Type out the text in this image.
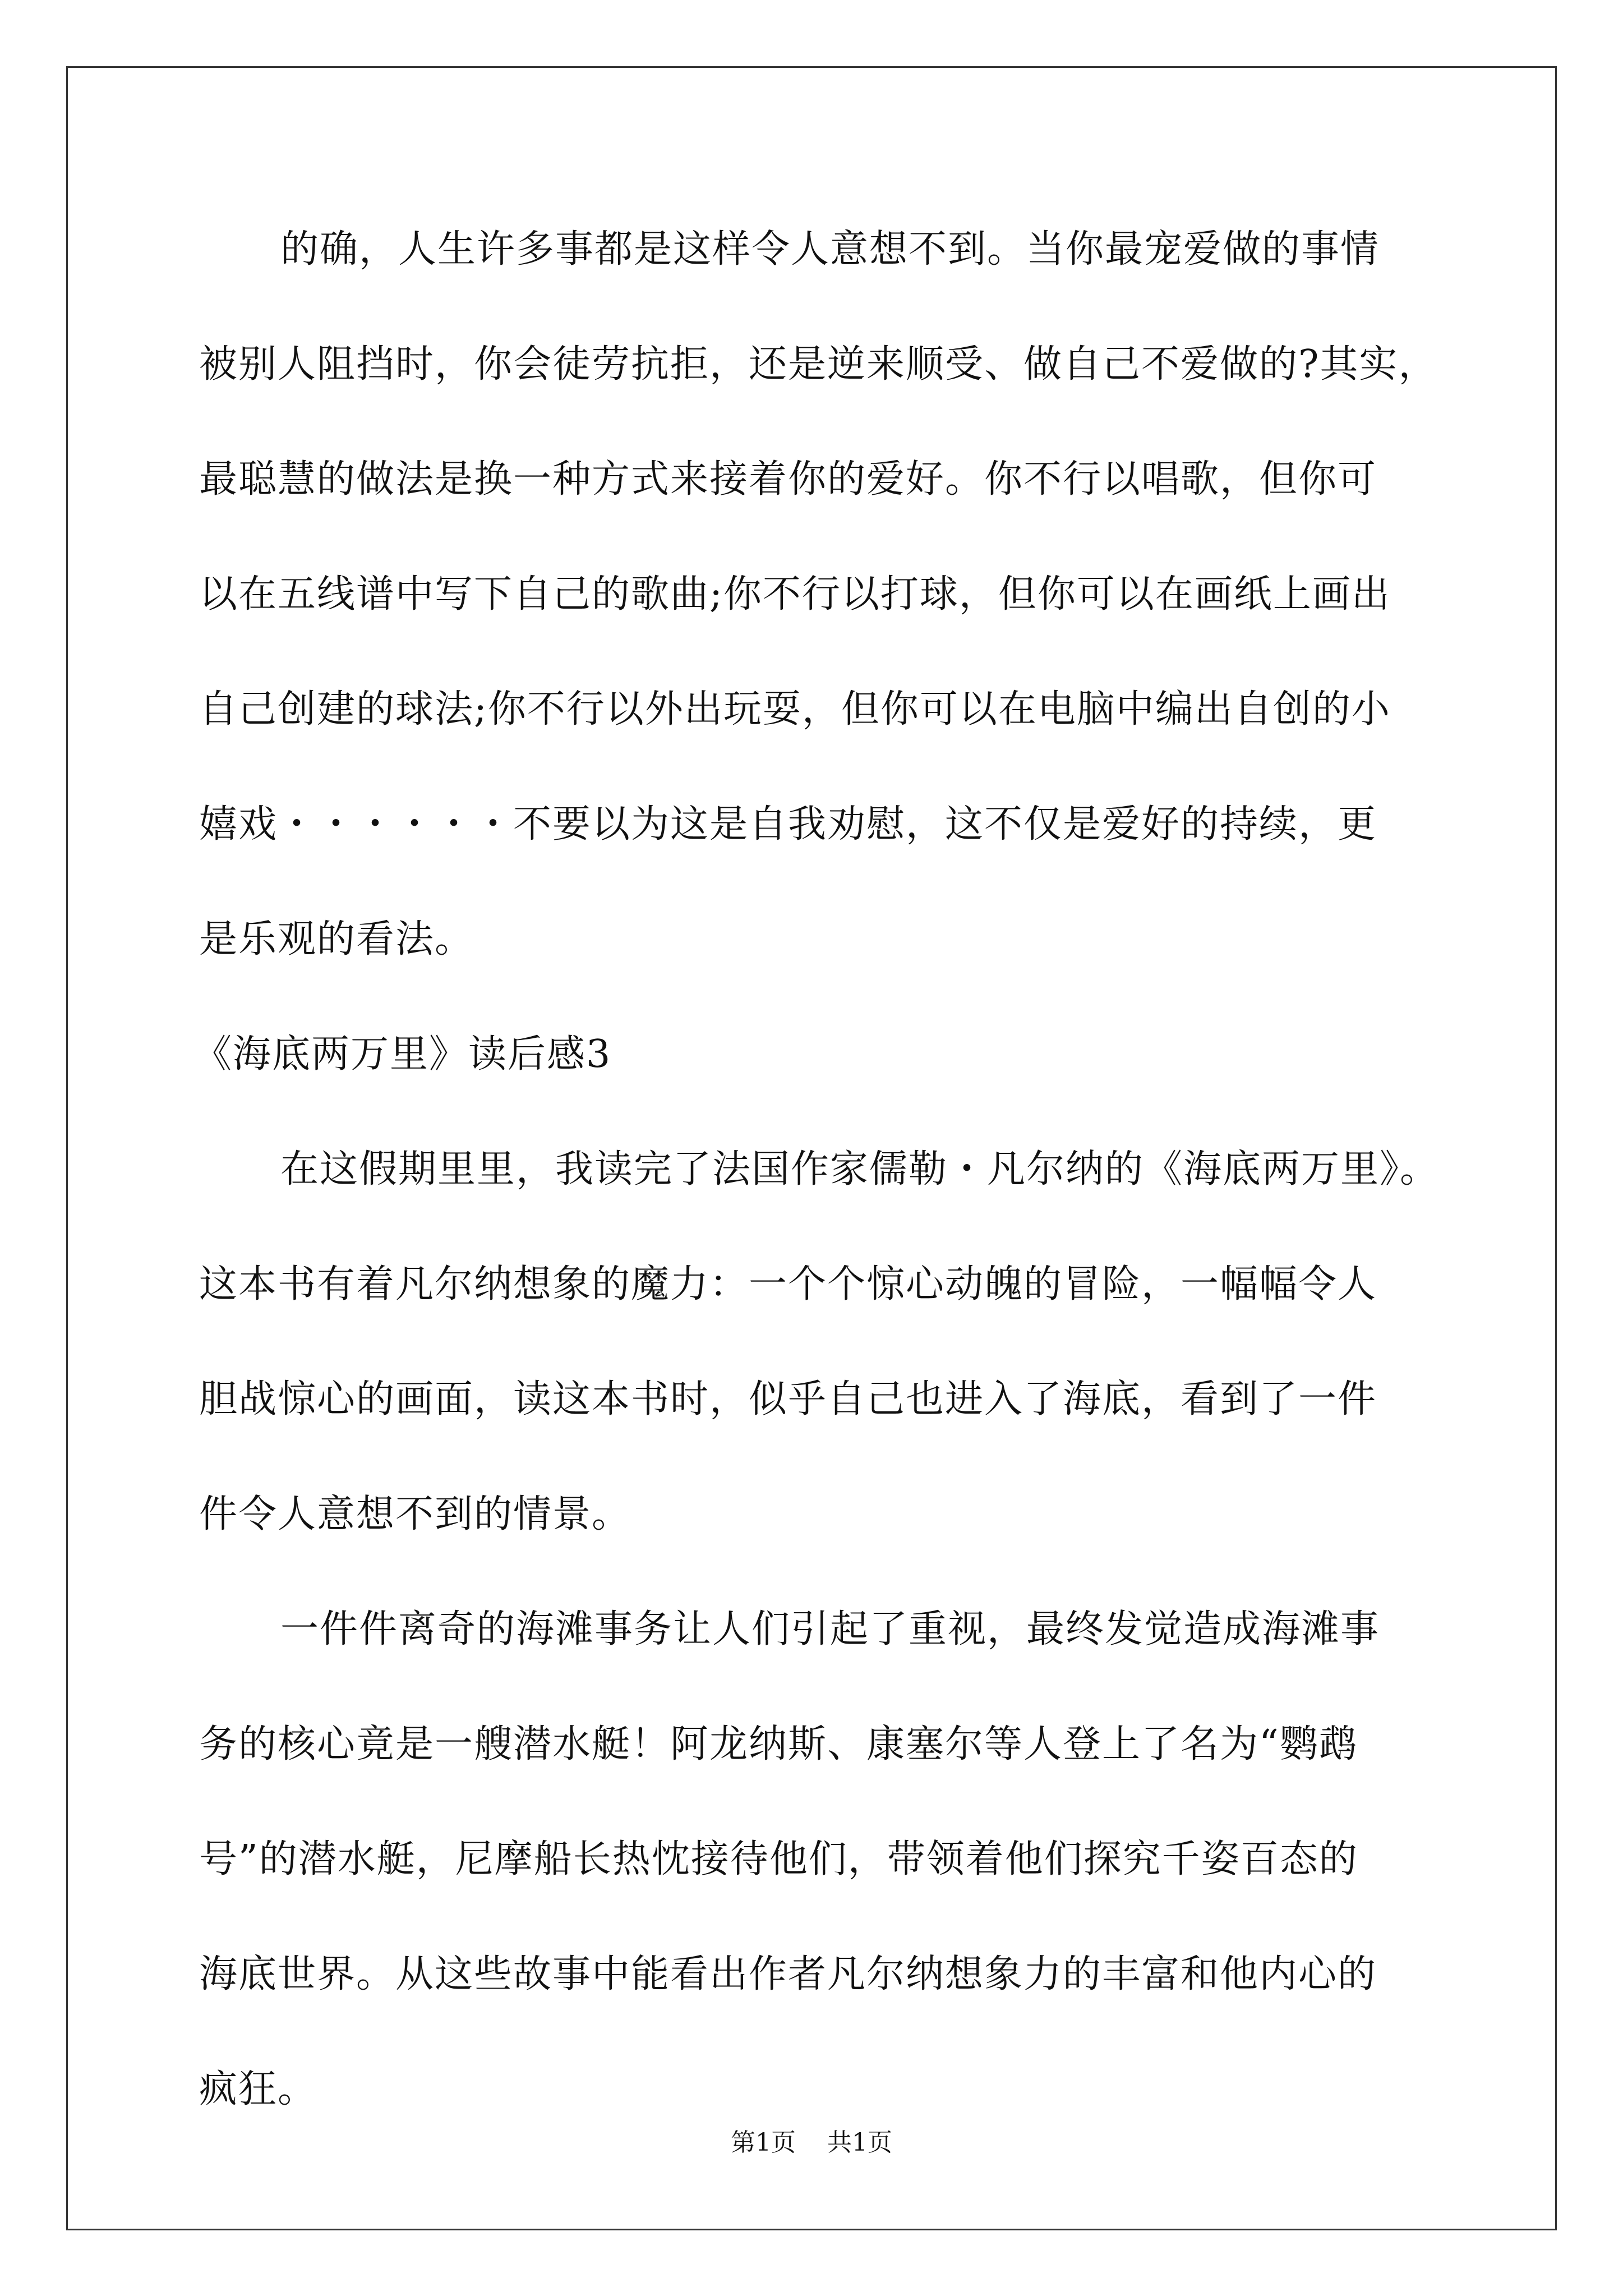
的确，人生许多事都是这样令人意想不到。当你最宠爱做的事情
被别人阻挡时，你会徒劳抗拒，还是逆来顺受、做自己不爱做的?其实，
最聪慧的做法是换一种方式来接着你的爱好。你不行以唱歌，但你可
以在五线谱中写下自己的歌曲;你不行以打球，但你可以在画纸上画出
自己创建的球法;你不行以外出玩耍，但你可以在电脑中编出自创的小
嬉戏・・・・・・不要以为这是自我劝慰，这不仅是爱好的持续，更
是乐观的看法。
《海底两万里》读后感3
在这假期里里，我读完了法国作家儒勒・凡尔纳的《海底两万里》。
这本书有着凡尔纳想象的魔力：一个个惊心动魄的冒险，一幅幅令人
胆战惊心的画面，读这本书时，似乎自己也进入了海底，看到了一件
件令人意想不到的情景。
一件件离奇的海滩事务让人们引起了重视，最终发觉造成海滩事
务的核心竟是一艘潜水艇！阿龙纳斯、康塞尔等人登上了名为“鹦鹉
号”的潜水艇，尼摩船长热忱接待他们，带领着他们探究千姿百态的
海底世界。从这些故事中能看出作者凡尔纳想象力的丰富和他内心的
疯狂。
第1页 共1页
